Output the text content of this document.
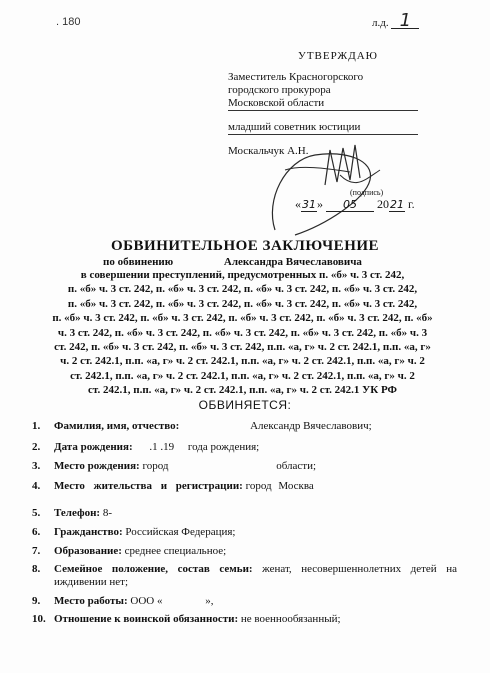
. 180	л.д. 1
УТВЕРЖДАЮ
Заместитель Красногорского
городского прокурора
Московской области
младший советник юстиции
Москальчук А.Н.
(подпись)
«31» 05 2021 г.
ОБВИНИТЕЛЬНОЕ ЗАКЛЮЧЕНИЕ
по обвинению	Александра Вячеславовича
в совершении преступлений, предусмотренных п. «б» ч. 3 ст. 242,
п. «б» ч. 3 ст. 242, п. «б» ч. 3 ст. 242, п. «б» ч. 3 ст. 242, п. «б» ч. 3 ст. 242,
п. «б» ч. 3 ст. 242, п. «б» ч. 3 ст. 242, п. «б» ч. 3 ст. 242, п. «б» ч. 3 ст. 242,
п. «б» ч. 3 ст. 242, п. «б» ч. 3 ст. 242, п. «б» ч. 3 ст. 242, п. «б» ч. 3 ст. 242, п. «б»
ч. 3 ст. 242, п. «б» ч. 3 ст. 242, п. «б» ч. 3 ст. 242, п. «б» ч. 3 ст. 242, п. «б» ч. 3
ст. 242, п. «б» ч. 3 ст. 242, п. «б» ч. 3 ст. 242, п.п. «а, г» ч. 2 ст. 242.1, п.п. «а, г»
ч. 2 ст. 242.1, п.п. «а, г» ч. 2 ст. 242.1, п.п. «а, г» ч. 2 ст. 242.1, п.п. «а, г» ч. 2
ст. 242.1, п.п. «а, г» ч. 2 ст. 242.1, п.п. «а, г» ч. 2 ст. 242.1, п.п. «а, г» ч. 2
ст. 242.1, п.п. «а, г» ч. 2 ст. 242.1, п.п. «а, г» ч. 2 ст. 242.1 УК РФ
ОБВИНЯЕТСЯ:
1. Фамилия, имя, отчество:	Александр Вячеславович;
2. Дата рождения: .1 .19     года рождения;
3. Место рождения: город	области;
4. Место жительства и регистрации: город Москва
5. Телефон: 8-
6. Гражданство: Российская Федерация;
7. Образование: среднее специальное;
8. Семейное положение, состав семьи: женат, несовершеннолетних детей на иждивении нет;
9. Место работы: ООО «	»,
10. Отношение к воинской обязанности: не военнообязанный;
